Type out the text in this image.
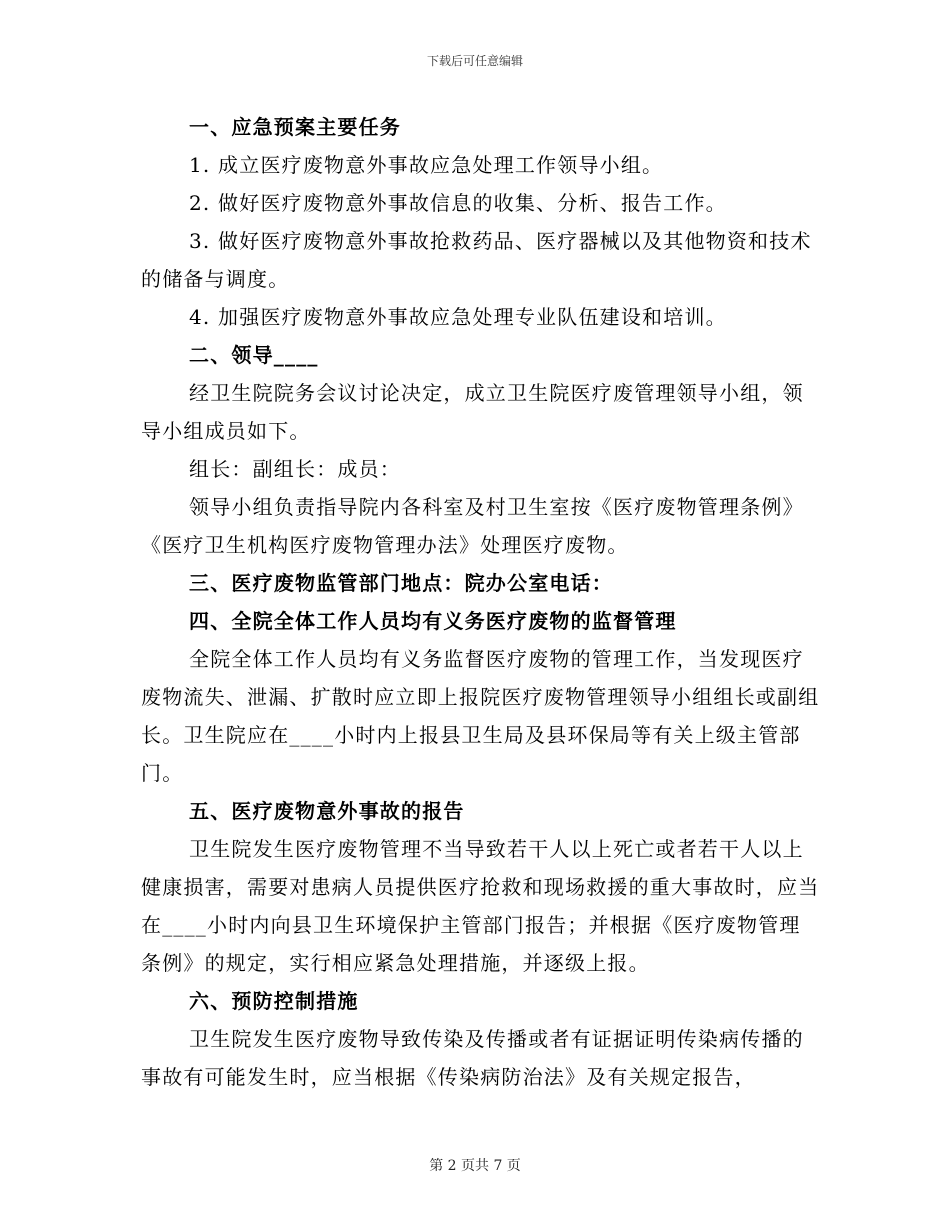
下载后可任意编辑

一、应急预案主要任务

1. 成立医疗废物意外事故应急处理工作领导小组。

2. 做好医疗废物意外事故信息的收集、分析、报告工作。

3. 做好医疗废物意外事故抢救药品、医疗器械以及其他物资和技术的储备与调度。

4. 加强医疗废物意外事故应急处理专业队伍建设和培训。

二、领导____

经卫生院院务会议讨论决定，成立卫生院医疗废管理领导小组，领导小组成员如下。

组长：副组长：成员：

领导小组负责指导院内各科室及村卫生室按《医疗废物管理条例》《医疗卫生机构医疗废物管理办法》处理医疗废物。

三、医疗废物监管部门地点：院办公室电话：

四、全院全体工作人员均有义务医疗废物的监督管理

全院全体工作人员均有义务监督医疗废物的管理工作，当发现医疗废物流失、泄漏、扩散时应立即上报院医疗废物管理领导小组组长或副组长。卫生院应在____小时内上报县卫生局及县环保局等有关上级主管部门。

五、医疗废物意外事故的报告

卫生院发生医疗废物管理不当导致若干人以上死亡或者若干人以上健康损害，需要对患病人员提供医疗抢救和现场救援的重大事故时，应当在____小时内向县卫生环境保护主管部门报告；并根据《医疗废物管理条例》的规定，实行相应紧急处理措施，并逐级上报。

六、预防控制措施

卫生院发生医疗废物导致传染及传播或者有证据证明传染病传播的事故有可能发生时，应当根据《传染病防治法》及有关规定报告，

第 2 页共 7 页
